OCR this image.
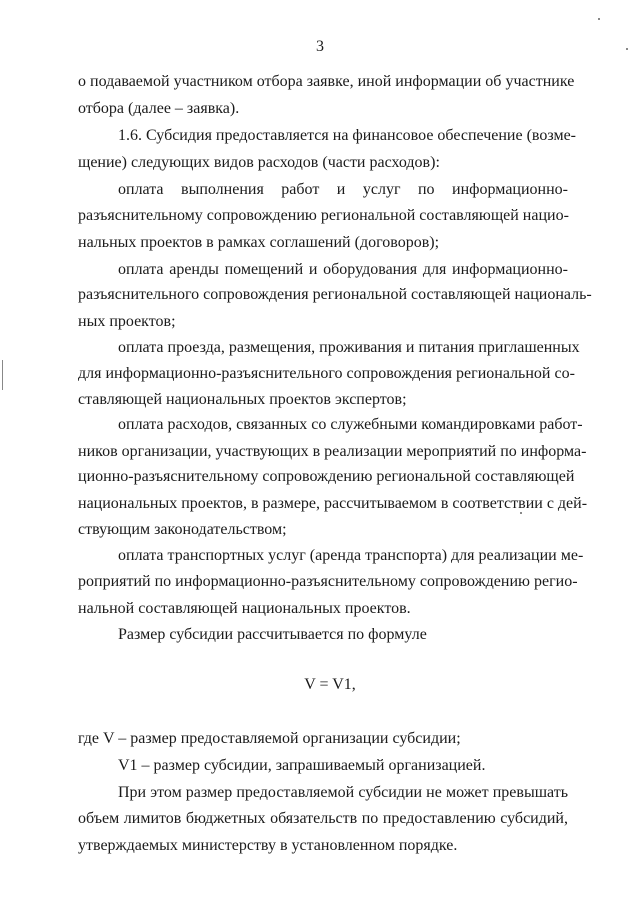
3
о подаваемой участником отбора заявке, иной информации об участнике
отбора (далее – заявка).
1.6. Субсидия предоставляется на финансовое обеспечение (возме-
щение) следующих видов расходов (части расходов):
оплата выполнения работ и услуг по информационно-
разъяснительному сопровождению региональной составляющей нацио-
нальных проектов в рамках соглашений (договоров);
оплата аренды помещений и оборудования для информационно-
разъяснительного сопровождения региональной составляющей националь-
ных проектов;
оплата проезда, размещения, проживания и питания приглашенных
для информационно-разъяснительного сопровождения региональной со-
ставляющей национальных проектов экспертов;
оплата расходов, связанных со служебными командировками работ-
ников организации, участвующих в реализации мероприятий по информа-
ционно-разъяснительному сопровождению региональной составляющей
национальных проектов, в размере, рассчитываемом в соответствии с дей-
ствующим законодательством;
оплата транспортных услуг (аренда транспорта) для реализации ме-
роприятий по информационно-разъяснительному сопровождению регио-
нальной составляющей национальных проектов.
Размер субсидии рассчитывается по формуле
V = V1,
где V – размер предоставляемой организации субсидии;
V1 – размер субсидии, запрашиваемый организацией.
При этом размер предоставляемой субсидии не может превышать
объем лимитов бюджетных обязательств по предоставлению субсидий,
утверждаемых министерству в установленном порядке.
